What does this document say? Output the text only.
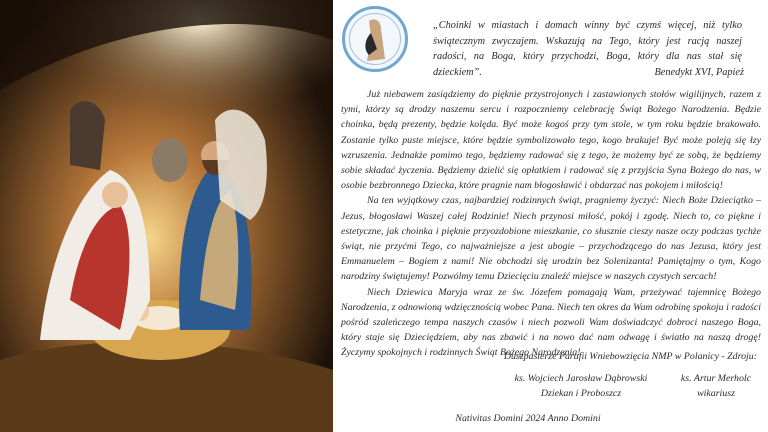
„Choinki w miastach i domach winny być czymś więcej, niż tylko świątecznym zwyczajem. Wskazują na Tego, który jest racją naszej radości, na Boga, który przychodzi, Boga, który dla nas stał się dzieckiem”.	Benedykt XVI, Papież

Już niebawem zasiądziemy do pięknie przystrojonych i zastawionych stołów wigilijnych, razem z tymi, którzy są drodzy naszemu sercu i rozpoczniemy celebrację Świąt Bożego Narodzenia. Będzie choinka, będą prezenty, będzie kolęda. Być może kogoś przy tym stole, w tym roku będzie brakowało. Zostanie tylko puste miejsce, które będzie symbolizowało tego, kogo brakuje! Być może poleją się łzy wzruszenia. Jednakże pomimo tego, będziemy radować się z tego, że możemy być ze sobą, że będziemy sobie składać życzenia. Będziemy dzielić się opłatkiem i radować się z przyjścia Syna Bożego do nas, w osobie bezbronnego Dziecka, które pragnie nam błogosławić i obdarzać nas pokojem i miłością!

Na ten wyjątkowy czas, najbardziej rodzinnych świąt, pragniemy życzyć: Niech Boże Dzieciątko – Jezus, błogosławi Waszej całej Rodzinie! Niech przynosi miłość, pokój i zgodę. Niech to, co piękne i estetyczne, jak choinka i pięknie przyozdobione mieszkanie, co słusznie cieszy nasze oczy podczas tychże świąt, nie przyćmi Tego, co najważniejsze a jest ubogie – przychodzącego do nas Jezusa, który jest Emmanuelem – Bogiem z nami! Nie obchodzi się urodzin bez Solenizanta! Pamiętajmy o tym, Kogo narodziny świętujemy! Pozwólmy temu Dziecięciu znaleźć miejsce w naszych czystych sercach!

Niech Dziewica Maryja wraz ze św. Józefem pomagają Wam, przeżywać tajemnicę Bożego Narodzenia, z odnowioną wdzięcznością wobec Pana. Niech ten okres da Wam odrobinę spokoju i radości pośród szaleńczego tempa naszych czasów i niech pozwoli Wam doświadczyć dobroci naszego Boga, który staje się Dzieciędziem, aby nas zbawić i na nowo dać nam odwagę i światło na naszą drogę! Życzymy spokojnych i rodzinnych Świąt Bożego Narodzenia!

Duszpasterze Parafii Wniebowzięcia NMP w Polanicy - Zdroju:
ks. Wojciech Jarosław Dąbrowski
Dziekan i Proboszcz
ks. Artur Merholc
wikariusz
Nativitas Domini 2024 Anno Domini
